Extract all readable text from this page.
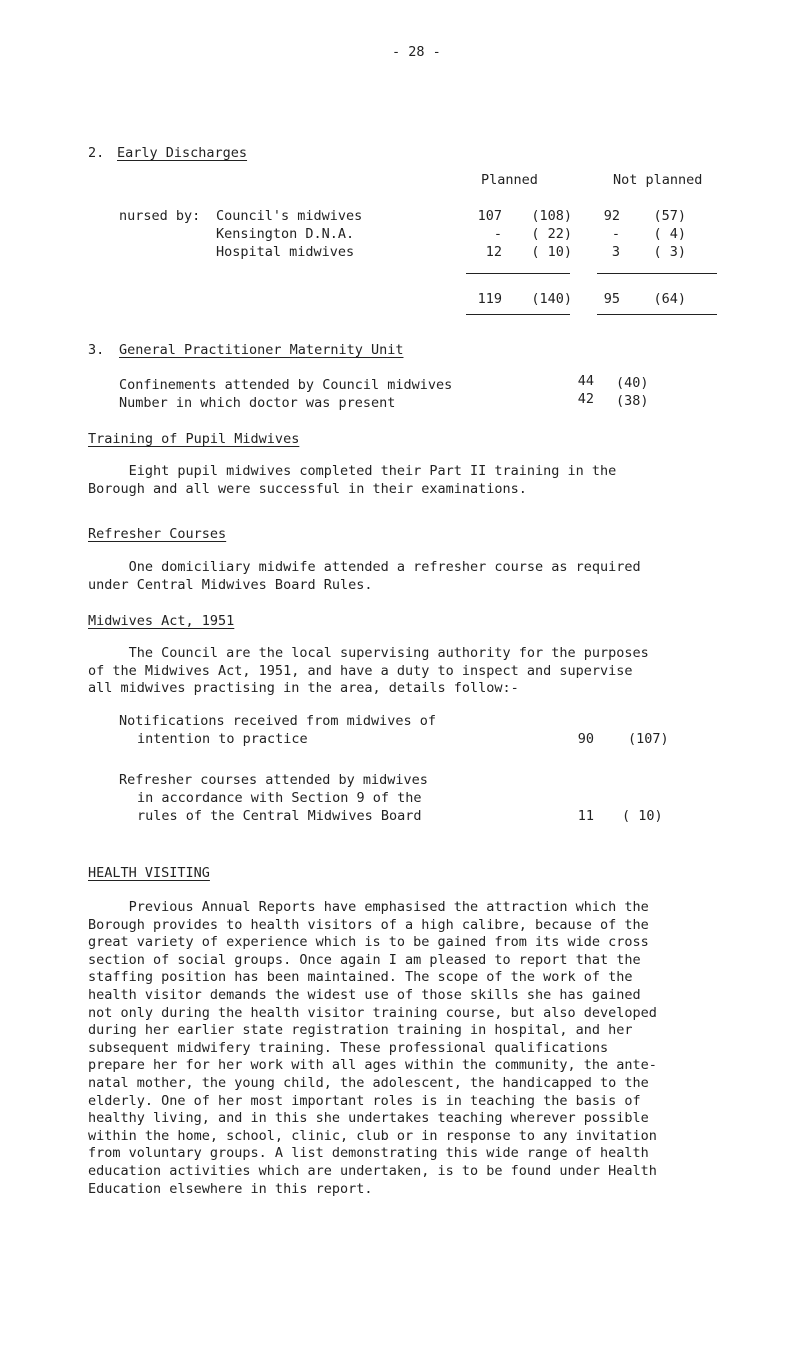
- 28 -
2. Early Discharges
Planned	Not planned
nursed by: Council's midwives	107	(108)	92	(57)
Kensington D.N.A.	-	( 22)	-	( 4)
Hospital midwives	12	( 10)	3	( 3)
119	(140)	95	(64)
3. General Practitioner Maternity Unit
Confinements attended by Council midwives	44 (40)
Number in which doctor was present	42 (38)
Training of Pupil Midwives

Eight pupil midwives completed their Part II training in the
Borough and all were successful in their examinations.

Refresher Courses

One domiciliary midwife attended a refresher course as required
under Central Midwives Board Rules.

Midwives Act, 1951

The Council are the local supervising authority for the purposes
of the Midwives Act, 1951, and have a duty to inspect and supervise
all midwives practising in the area, details follow:-

Notifications received from midwives of
intention to practice	90	(107)
Refresher courses attended by midwives
in accordance with Section 9 of the
rules of the Central Midwives Board	11 ( 10)
HEALTH VISITING

Previous Annual Reports have emphasised the attraction which the
Borough provides to health visitors of a high calibre, because of the
great variety of experience which is to be gained from its wide cross
section of social groups. Once again I am pleased to report that the
staffing position has been maintained. The scope of the work of the
health visitor demands the widest use of those skills she has gained
not only during the health visitor training course, but also developed
during her earlier state registration training in hospital, and her
subsequent midwifery training. These professional qualifications
prepare her for her work with all ages within the community, the ante-
natal mother, the young child, the adolescent, the handicapped to the
elderly. One of her most important roles is in teaching the basis of
healthy living, and in this she undertakes teaching wherever possible
within the home, school, clinic, club or in response to any invitation
from voluntary groups. A list demonstrating this wide range of health
education activities which are undertaken, is to be found under Health
Education elsewhere in this report.
